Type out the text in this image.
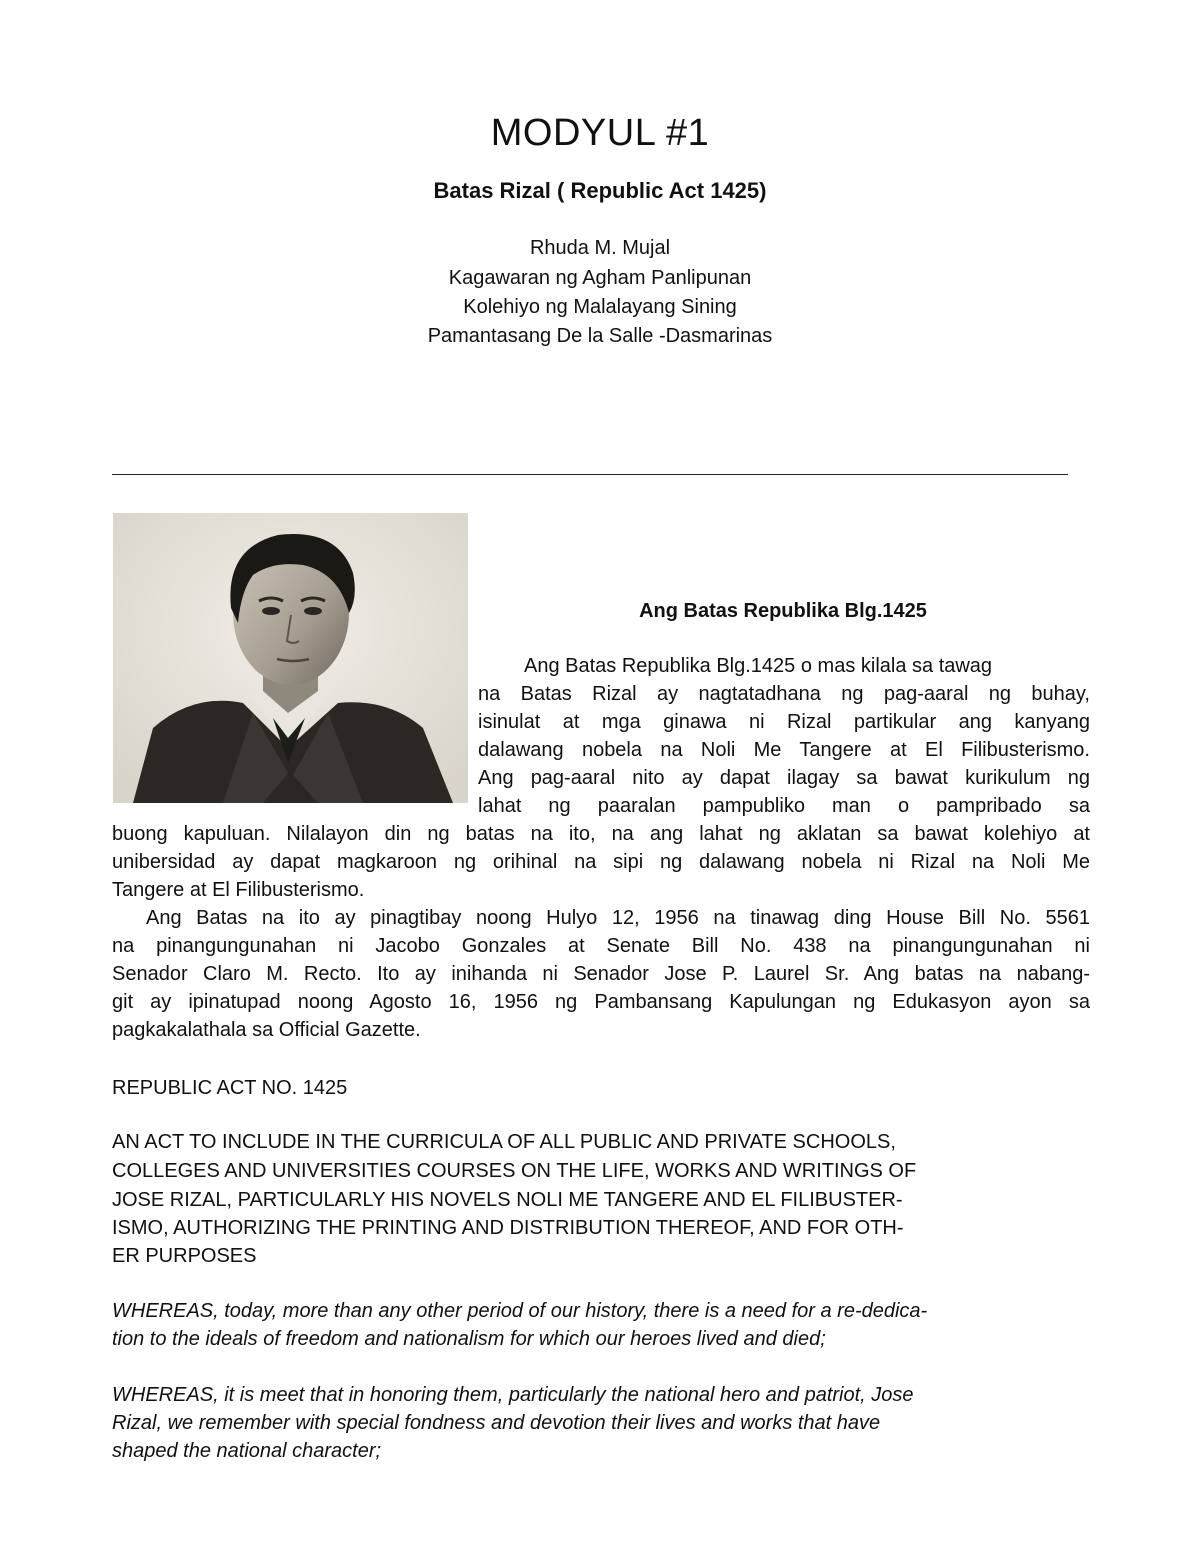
MODYUL #1
Batas Rizal ( Republic Act 1425)
Rhuda M. Mujal
Kagawaran ng Agham Panlipunan
Kolehiyo ng Malalayang Sining
Pamantasang De la Salle -Dasmarinas
Ang Batas Republika Blg.1425
Ang Batas Republika Blg.1425 o mas kilala sa tawag
na Batas Rizal ay nagtatadhana ng pag-aaral ng buhay,
isinulat at mga ginawa ni Rizal partikular ang kanyang
dalawang nobela na Noli Me Tangere at El Filibusterismo.
Ang pag-aaral nito ay dapat ilagay sa bawat kurikulum ng
lahat ng paaralan pampubliko man o pampribado sa
buong kapuluan. Nilalayon din ng batas na ito, na ang lahat ng aklatan sa bawat kolehiyo at
unibersidad ay dapat magkaroon ng orihinal na sipi ng dalawang nobela ni Rizal na Noli Me
Tangere at El Filibusterismo.
Ang Batas na ito ay pinagtibay noong Hulyo 12, 1956 na tinawag ding House Bill No. 5561
na pinangungunahan ni Jacobo Gonzales at Senate Bill No. 438 na pinangungunahan ni
Senador Claro M. Recto. Ito ay inihanda ni Senador Jose P. Laurel Sr. Ang batas na nabang-
git ay ipinatupad noong Agosto 16, 1956 ng Pambansang Kapulungan ng Edukasyon ayon sa
pagkakalathala sa Official Gazette.
REPUBLIC ACT NO. 1425
AN ACT TO INCLUDE IN THE CURRICULA OF ALL PUBLIC AND PRIVATE SCHOOLS,
COLLEGES AND UNIVERSITIES COURSES ON THE LIFE, WORKS AND WRITINGS OF
JOSE RIZAL, PARTICULARLY HIS NOVELS NOLI ME TANGERE AND EL FILIBUSTER-
ISMO, AUTHORIZING THE PRINTING AND DISTRIBUTION THEREOF, AND FOR OTH-
ER PURPOSES
WHEREAS, today, more than any other period of our history, there is a need for a re-dedica-
tion to the ideals of freedom and nationalism for which our heroes lived and died;
WHEREAS, it is meet that in honoring them, particularly the national hero and patriot, Jose
Rizal, we remember with special fondness and devotion their lives and works that have
shaped the national character;
